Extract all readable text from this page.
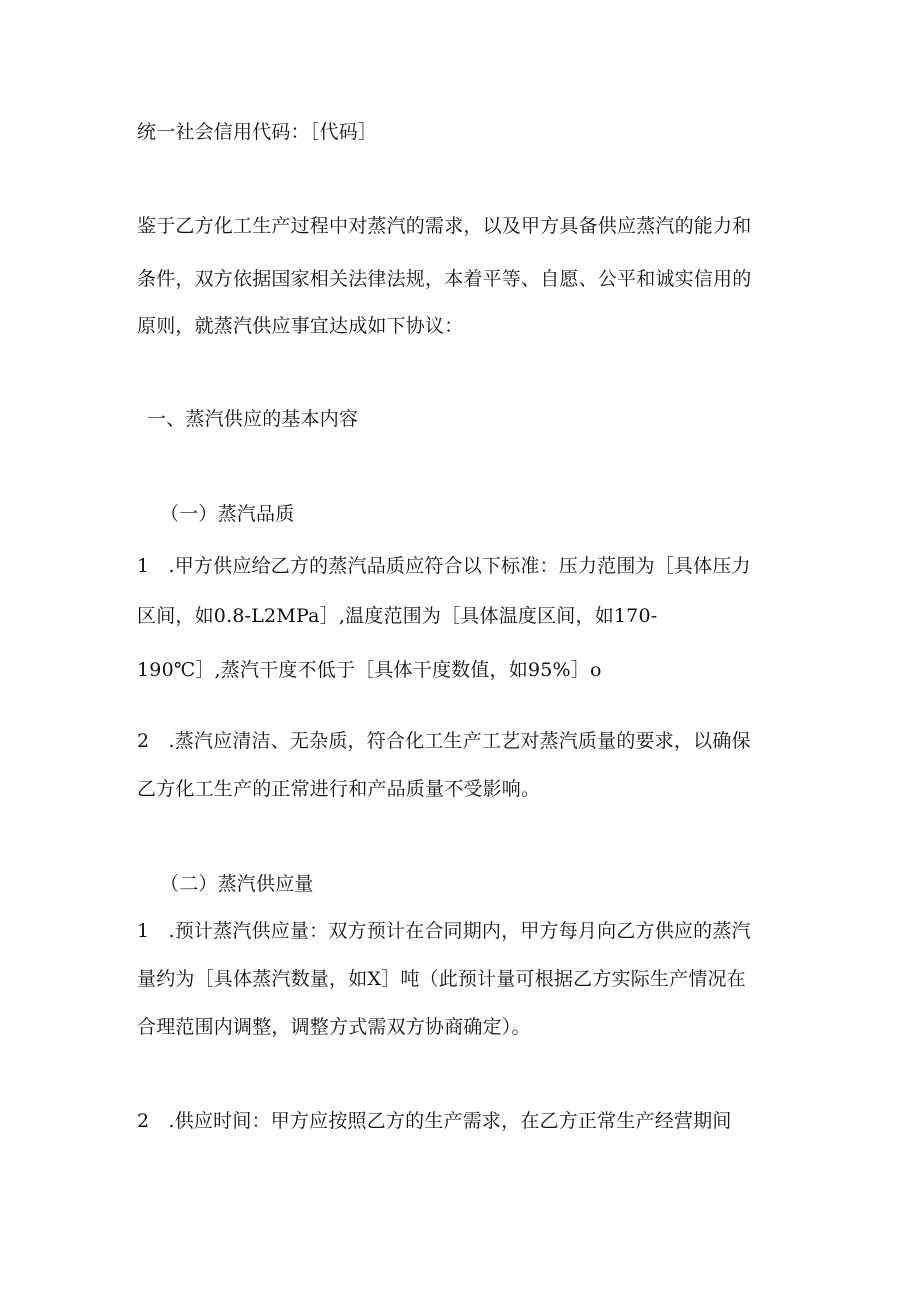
统一社会信用代码：［代码］
鉴于乙方化工生产过程中对蒸汽的需求，以及甲方具备供应蒸汽的能力和
条件，双方依据国家相关法律法规，本着平等、自愿、公平和诚实信用的
原则，就蒸汽供应事宜达成如下协议：
一、蒸汽供应的基本内容
（一）蒸汽品质
1　.甲方供应给乙方的蒸汽品质应符合以下标准：压力范围为［具体压力
区间，如0.8-L2MPa］,温度范围为［具体温度区间，如170-
190℃］,蒸汽干度不低于［具体干度数值，如95%］o
2　.蒸汽应清洁、无杂质，符合化工生产工艺对蒸汽质量的要求，以确保
乙方化工生产的正常进行和产品质量不受影响。
（二）蒸汽供应量
1　.预计蒸汽供应量：双方预计在合同期内，甲方每月向乙方供应的蒸汽
量约为［具体蒸汽数量，如X］吨（此预计量可根据乙方实际生产情况在
合理范围内调整，调整方式需双方协商确定）。
2　.供应时间：甲方应按照乙方的生产需求，在乙方正常生产经营期间
